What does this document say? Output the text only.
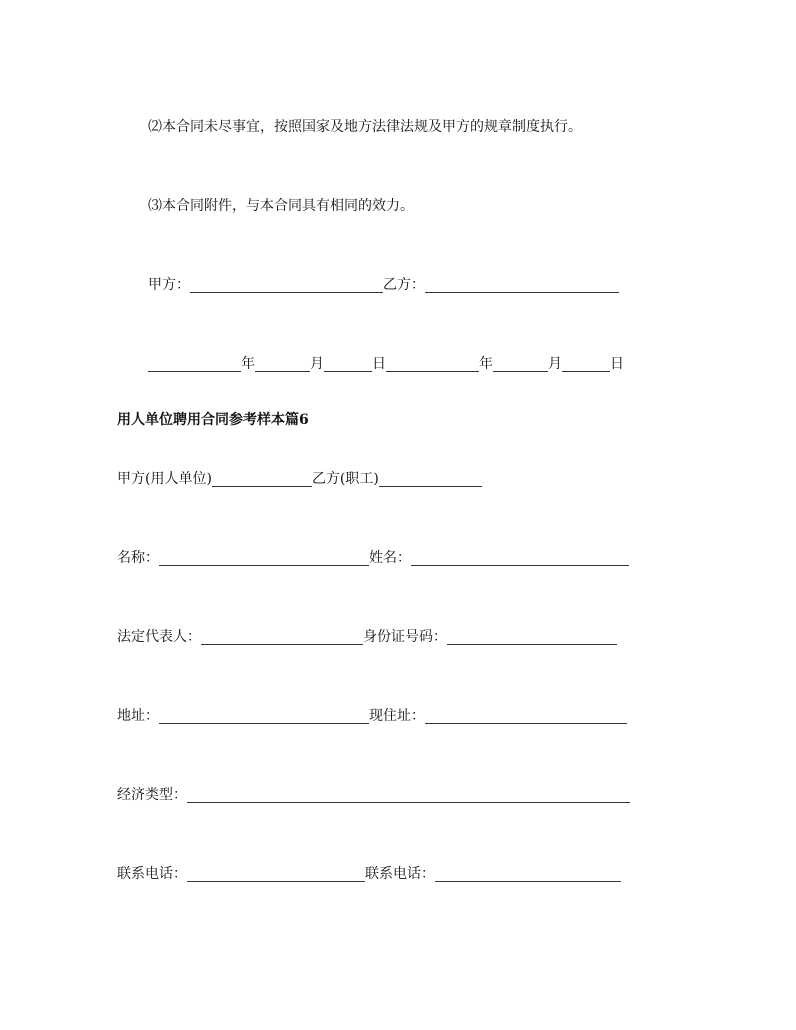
⑵本合同未尽事宜，按照国家及地方法律法规及甲方的规章制度执行。
⑶本合同附件，与本合同具有相同的效力。
甲方：	乙方：
年	月	日	年	月	日
用人单位聘用合同参考样本篇6
甲方(用人单位)	乙方(职工)
名称：	姓名：
法定代表人：	身份证号码：
地址：	现住址：
经济类型：
联系电话：	联系电话：
